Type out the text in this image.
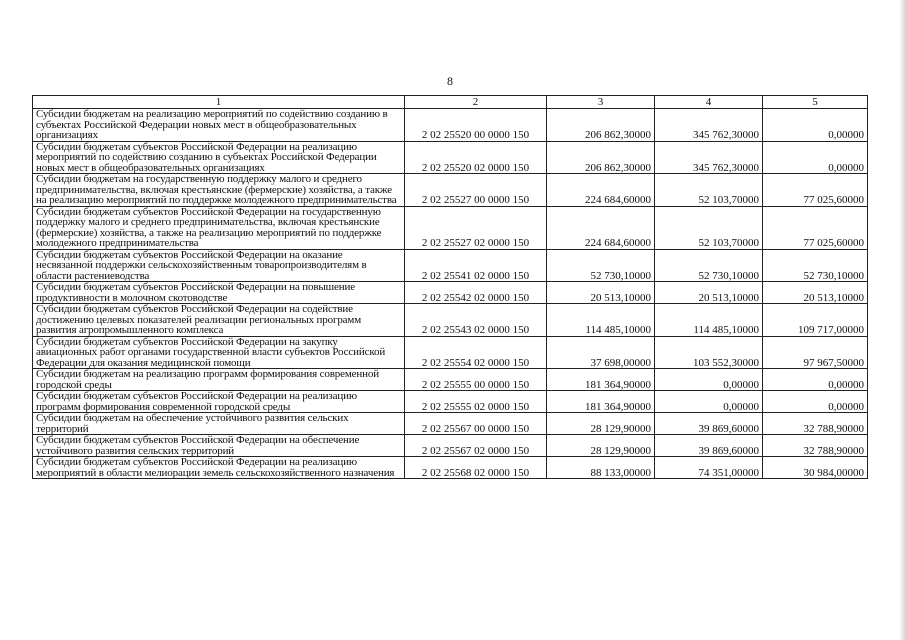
8
1	2	3	4	5
Субсидии бюджетам на реализацию мероприятий по содействию созданию в субъектах Российской Федерации новых мест в общеобразовательных организациях	2 02 25520 00 0000 150	206 862,30000	345 762,30000	0,00000
Субсидии бюджетам субъектов Российской Федерации на реализацию мероприятий по содействию созданию в субъектах Российской Федерации новых мест в общеобразовательных организациях	2 02 25520 02 0000 150	206 862,30000	345 762,30000	0,00000
Субсидии бюджетам на государственную поддержку малого и среднего предпринимательства, включая крестьянские (фермерские) хозяйства, а также на реализацию мероприятий по поддержке молодежного предпринимательства	2 02 25527 00 0000 150	224 684,60000	52 103,70000	77 025,60000
Субсидии бюджетам субъектов Российской Федерации на государственную поддержку малого и среднего предпринимательства, включая крестьянские (фермерские) хозяйства, а также на реализацию мероприятий по поддержке молодежного предпринимательства	2 02 25527 02 0000 150	224 684,60000	52 103,70000	77 025,60000
Субсидии бюджетам субъектов Российской Федерации на оказание несвязанной поддержки сельскохозяйственным товаропроизводителям в области растениеводства	2 02 25541 02 0000 150	52 730,10000	52 730,10000	52 730,10000
Субсидии бюджетам субъектов Российской Федерации на повышение продуктивности в молочном скотоводстве	2 02 25542 02 0000 150	20 513,10000	20 513,10000	20 513,10000
Субсидии бюджетам субъектов Российской Федерации на содействие достижению целевых показателей реализации региональных программ развития агропромышленного комплекса	2 02 25543 02 0000 150	114 485,10000	114 485,10000	109 717,00000
Субсидии бюджетам субъектов Российской Федерации на закупку авиационных работ органами государственной власти субъектов Российской Федерации для оказания медицинской помощи	2 02 25554 02 0000 150	37 698,00000	103 552,30000	97 967,50000
Субсидии бюджетам на реализацию программ формирования современной городской среды	2 02 25555 00 0000 150	181 364,90000	0,00000	0,00000
Субсидии бюджетам субъектов Российской Федерации на реализацию программ формирования современной городской среды	2 02 25555 02 0000 150	181 364,90000	0,00000	0,00000
Субсидии бюджетам на обеспечение устойчивого развития сельских территорий	2 02 25567 00 0000 150	28 129,90000	39 869,60000	32 788,90000
Субсидии бюджетам субъектов Российской Федерации на обеспечение устойчивого развития сельских территорий	2 02 25567 02 0000 150	28 129,90000	39 869,60000	32 788,90000
Субсидии бюджетам субъектов Российской Федерации на реализацию мероприятий в области мелиорации земель сельскохозяйственного назначения	2 02 25568 02 0000 150	88 133,00000	74 351,00000	30 984,00000
